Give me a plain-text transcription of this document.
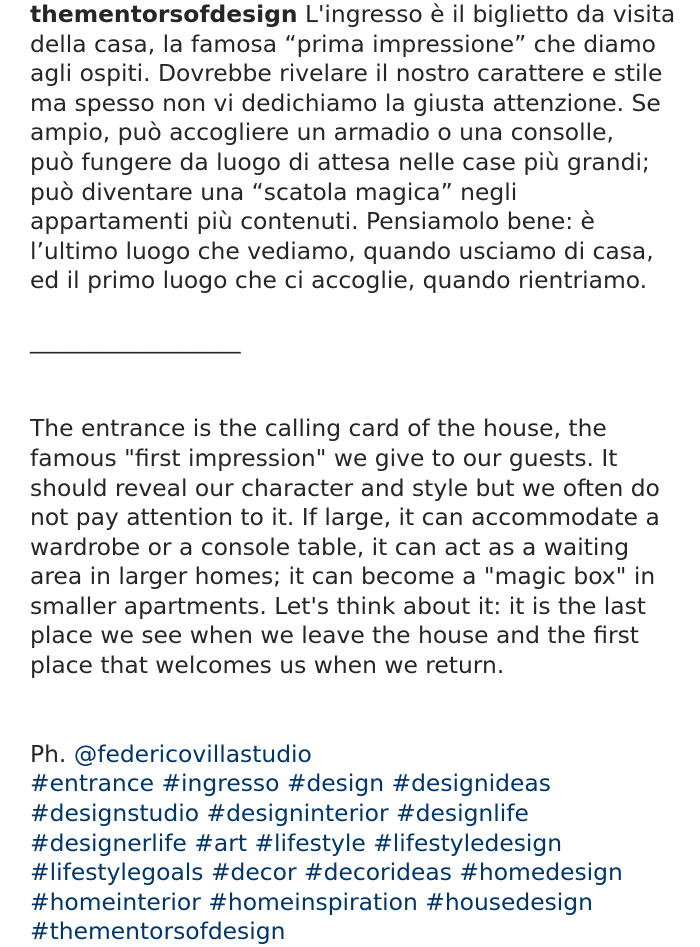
thementorsofdesign L'ingresso è il biglietto da visita
della casa, la famosa “prima impressione” che diamo
agli ospiti. Dovrebbe rivelare il nostro carattere e stile
ma spesso non vi dedichiamo la giusta attenzione. Se
ampio, può accogliere un armadio o una consolle,
può fungere da luogo di attesa nelle case più grandi;
può diventare una “scatola magica” negli
appartamenti più contenuti. Pensiamolo bene: è
l’ultimo luogo che vediamo, quando usciamo di casa,
ed il primo luogo che ci accoglie, quando rientriamo.

__________________

The entrance is the calling card of the house, the
famous "first impression" we give to our guests. It
should reveal our character and style but we often do
not pay attention to it. If large, it can accommodate a
wardrobe or a console table, it can act as a waiting
area in larger homes; it can become a "magic box" in
smaller apartments. Let's think about it: it is the last
place we see when we leave the house and the first
place that welcomes us when we return.

Ph. @federicovillastudio

#entrance #ingresso #design #designideas
#designstudio #designinterior #designlife
#designerlife #art #lifestyle #lifestyledesign
#lifestylegoals #decor #decorideas #homedesign
#homeinterior #homeinspiration #housedesign
#thementorsofdesign
